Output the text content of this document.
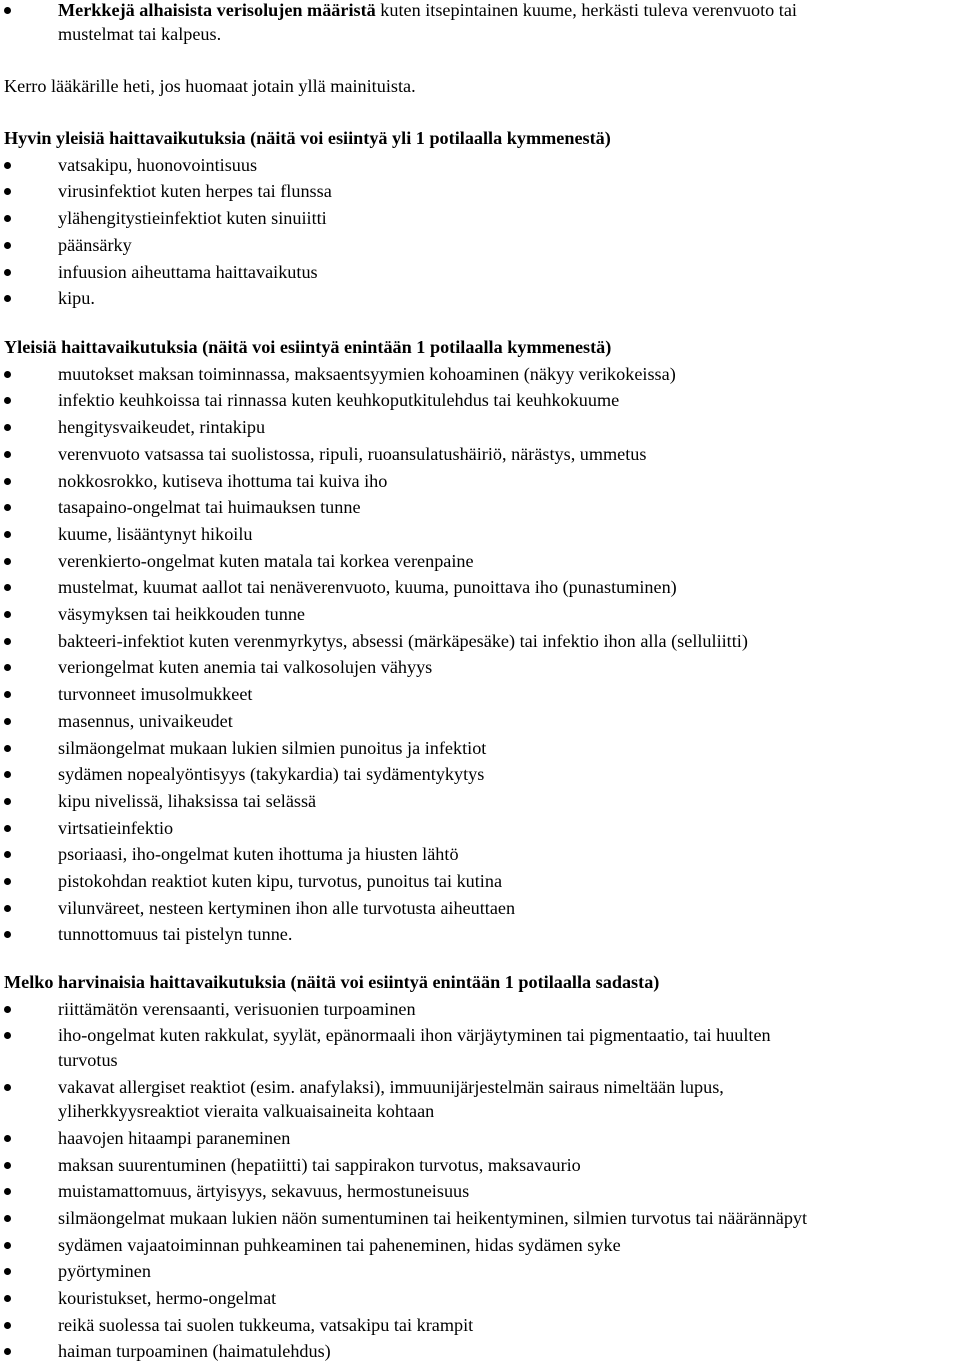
Merkkejä alhaisista verisolujen määristä kuten itsepintainen kuume, herkästi tuleva verenvuoto tai
mustelmat tai kalpeus.
Kerro lääkärille heti, jos huomaat jotain yllä mainituista.
Hyvin yleisiä haittavaikutuksia (näitä voi esiintyä yli 1 potilaalla kymmenestä)
vatsakipu, huonovointisuus
virusinfektiot kuten herpes tai flunssa
ylähengitystieinfektiot kuten sinuiitti
päänsärky
infuusion aiheuttama haittavaikutus
kipu.
Yleisiä haittavaikutuksia (näitä voi esiintyä enintään 1 potilaalla kymmenestä)
muutokset maksan toiminnassa, maksaentsyymien kohoaminen (näkyy verikokeissa)
infektio keuhkoissa tai rinnassa kuten keuhkoputkitulehdus tai keuhkokuume
hengitysvaikeudet, rintakipu
verenvuoto vatsassa tai suolistossa, ripuli, ruoansulatushäiriö, närästys, ummetus
nokkosrokko, kutiseva ihottuma tai kuiva iho
tasapaino-ongelmat tai huimauksen tunne
kuume, lisääntynyt hikoilu
verenkierto-ongelmat kuten matala tai korkea verenpaine
mustelmat, kuumat aallot tai nenäverenvuoto, kuuma, punoittava iho (punastuminen)
väsymyksen tai heikkouden tunne
bakteeri-infektiot kuten verenmyrkytys, absessi (märkäpesäke) tai infektio ihon alla (selluliitti)
veriongelmat kuten anemia tai valkosolujen vähyys
turvonneet imusolmukkeet
masennus, univaikeudet
silmäongelmat mukaan lukien silmien punoitus ja infektiot
sydämen nopealyöntisyys (takykardia) tai sydämentykytys
kipu nivelissä, lihaksissa tai selässä
virtsatieinfektio
psoriaasi, iho-ongelmat kuten ihottuma ja hiusten lähtö
pistokohdan reaktiot kuten kipu, turvotus, punoitus tai kutina
vilunväreet, nesteen kertyminen ihon alle turvotusta aiheuttaen
tunnottomuus tai pistelyn tunne.
Melko harvinaisia haittavaikutuksia (näitä voi esiintyä enintään 1 potilaalla sadasta)
riittämätön verensaanti, verisuonien turpoaminen
iho-ongelmat kuten rakkulat, syylät, epänormaali ihon värjäytyminen tai pigmentaatio, tai huulten
turvotus
vakavat allergiset reaktiot (esim. anafylaksi), immuunijärjestelmän sairaus nimeltään lupus,
yliherkkyysreaktiot vieraita valkuaisaineita kohtaan
haavojen hitaampi paraneminen
maksan suurentuminen (hepatiitti) tai sappirakon turvotus, maksavaurio
muistamattomuus, ärtyisyys, sekavuus, hermostuneisuus
silmäongelmat mukaan lukien näön sumentuminen tai heikentyminen, silmien turvotus tai näärännäpyt
sydämen vajaatoiminnan puhkeaminen tai paheneminen, hidas sydämen syke
pyörtyminen
kouristukset, hermo-ongelmat
reikä suolessa tai suolen tukkeuma, vatsakipu tai krampit
haiman turpoaminen (haimatulehdus)
